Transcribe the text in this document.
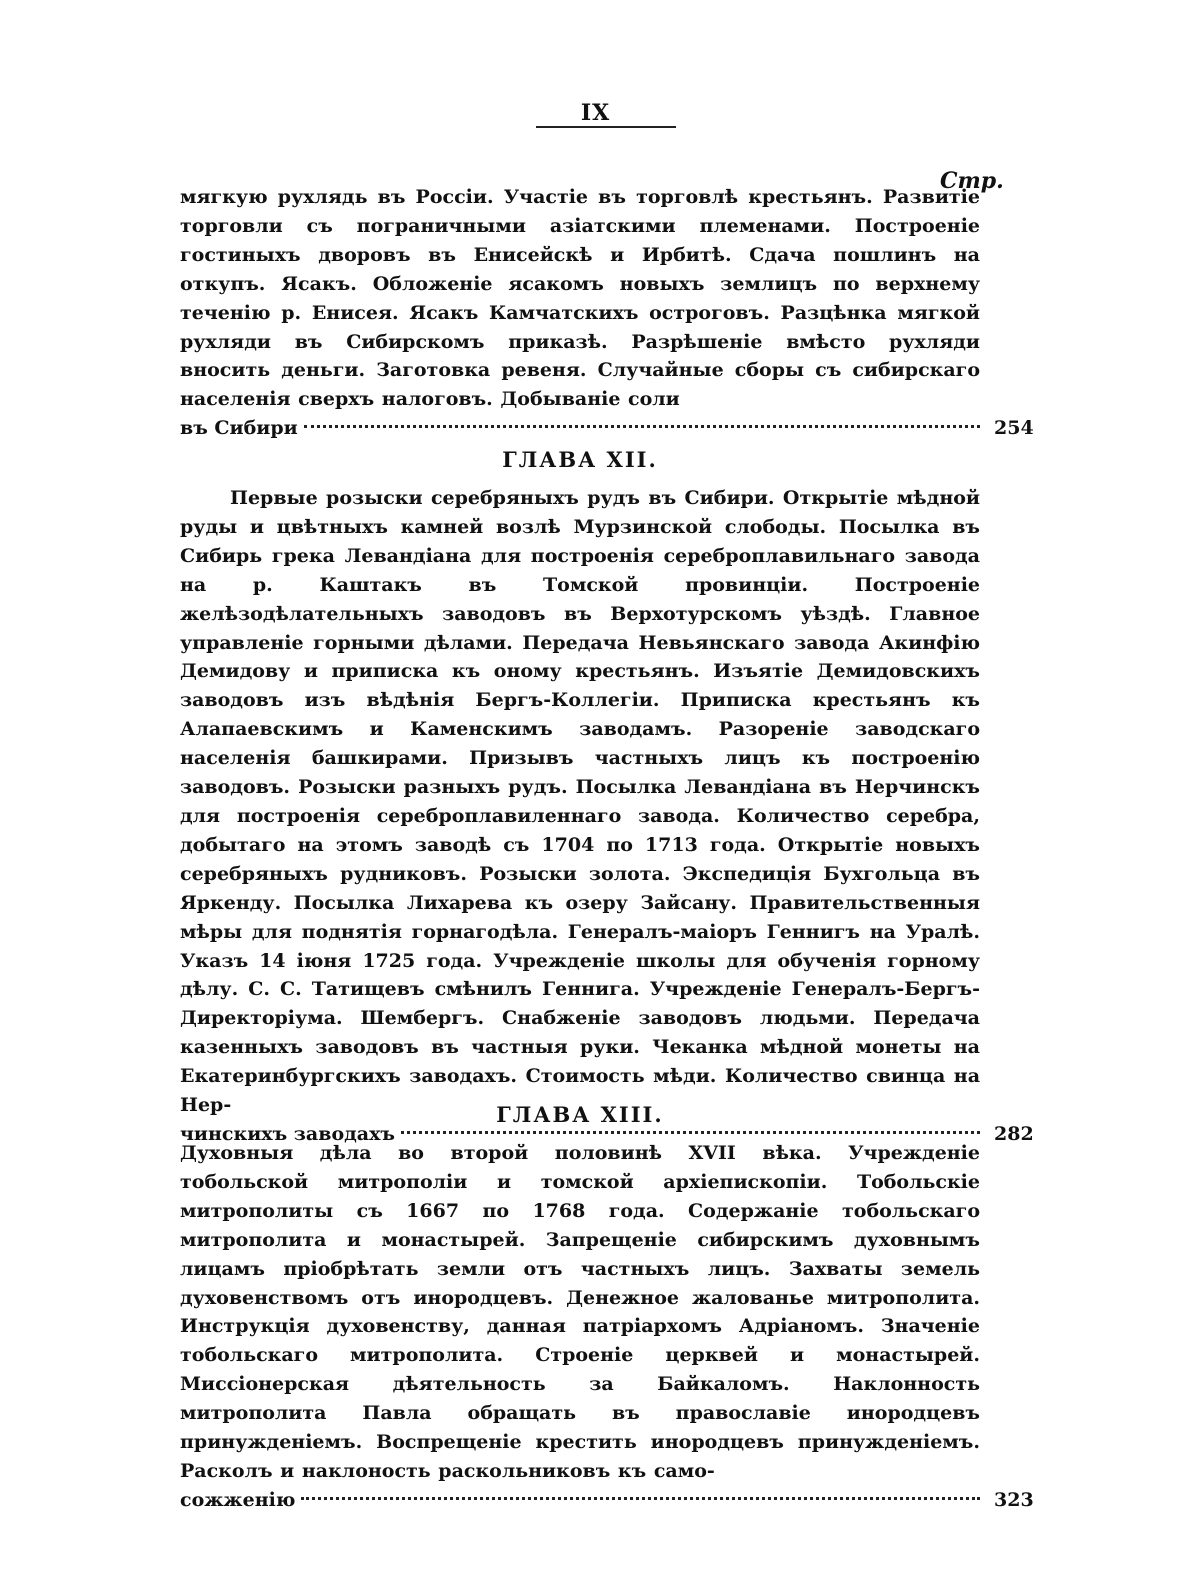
IX
Стр.
мягкую рухлядь въ Россiи. Участiе въ торговлѣ крестьянъ. Развитiе торговли съ пограничными азiатскими племенами. Построенiе гостиныхъ дворовъ въ Енисейскѣ и Ирбитѣ. Сдача пошлинъ на откупъ. Ясакъ. Обложенiе ясакомъ новыхъ землицъ по верхнему теченiю р. Енисея. Ясакъ Камчатскихъ остроговъ. Разцѣнка мягкой рухляди въ Сибирскомъ приказѣ. Разрѣшенiе вмѣсто рухляди вносить деньги. Заготовка ревеня. Случайные сборы съ сибирскаго населенiя сверхъ налоговъ. Добыванiе соли
въ Сибири	254
ГЛАВА XII.
Первые розыски серебряныхъ рудъ въ Сибири. Открытiе мѣдной руды и цвѣтныхъ камней возлѣ Мурзинской слободы. Посылка въ Сибирь грека Левандiана для построенiя сереброплавильнаго завода на р. Каштакъ въ Томской провинцiи. Построенiе желѣзодѣлательныхъ заводовъ въ Верхотурскомъ уѣздѣ. Главное управленiе горными дѣлами. Передача Невьянскаго завода Акинфiю Демидову и приписка къ оному крестьянъ. Изъятiе Демидовскихъ заводовъ изъ вѣдѣнiя Бергъ-Коллегiи. Приписка крестьянъ къ Алапаевскимъ и Каменскимъ заводамъ. Разоренiе заводскаго населенiя башкирами. Призывъ частныхъ лицъ къ построенiю заводовъ. Розыски разныхъ рудъ. Посылка Левандiана въ Нерчинскъ для построенiя сереброплавиленнаго завода. Количество серебра, добытаго на этомъ заводѣ съ 1704 по 1713 года. Открытiе новыхъ серебряныхъ рудниковъ. Розыски золота. Экспедицiя Бухгольца въ Яркенду. Посылка Лихарева къ озеру Зайсану. Правительственныя мѣры для поднятiя горнагодѣла. Генералъ-маiоръ Геннигъ на Уралѣ. Указъ 14 iюня 1725 года. Учрежденiе школы для обученiя горному дѣлу. С. С. Татищевъ смѣнилъ Геннига. Учрежденiе Генералъ-Бергъ-Директорiума. Шембергъ. Снабженiе заводовъ людьми. Передача казенныхъ заводовъ въ частныя руки. Чеканка мѣдной монеты на Екатеринбургскихъ заводахъ. Стоимость мѣди. Количество свинца на Нер-
чинскихъ заводахъ	282
ГЛАВА XIII.
Духовныя дѣла во второй половинѣ XVII вѣка. Учрежденiе тобольской митрополiи и томской архiепископiи. Тобольскiе митрополиты съ 1667 по 1768 года. Содержанiе тобольскаго митрополита и монастырей. Запрещенiе сибирскимъ духовнымъ лицамъ прiобрѣтать земли отъ частныхъ лицъ. Захваты земель духовенствомъ отъ инородцевъ. Денежное жалованье митрополита. Инструкцiя духовенству, данная патрiархомъ Адрiаномъ. Значенiе тобольскаго митрополита. Строенiе церквей и монастырей. Миссiонерская дѣятельность за Байкаломъ. Наклонность митрополита Павла обращать въ православiе инородцевъ принужденiемъ. Воспрещенiе крестить инородцевъ принужденiемъ. Расколъ и наклоность раскольниковъ къ само-
сожженiю	323
